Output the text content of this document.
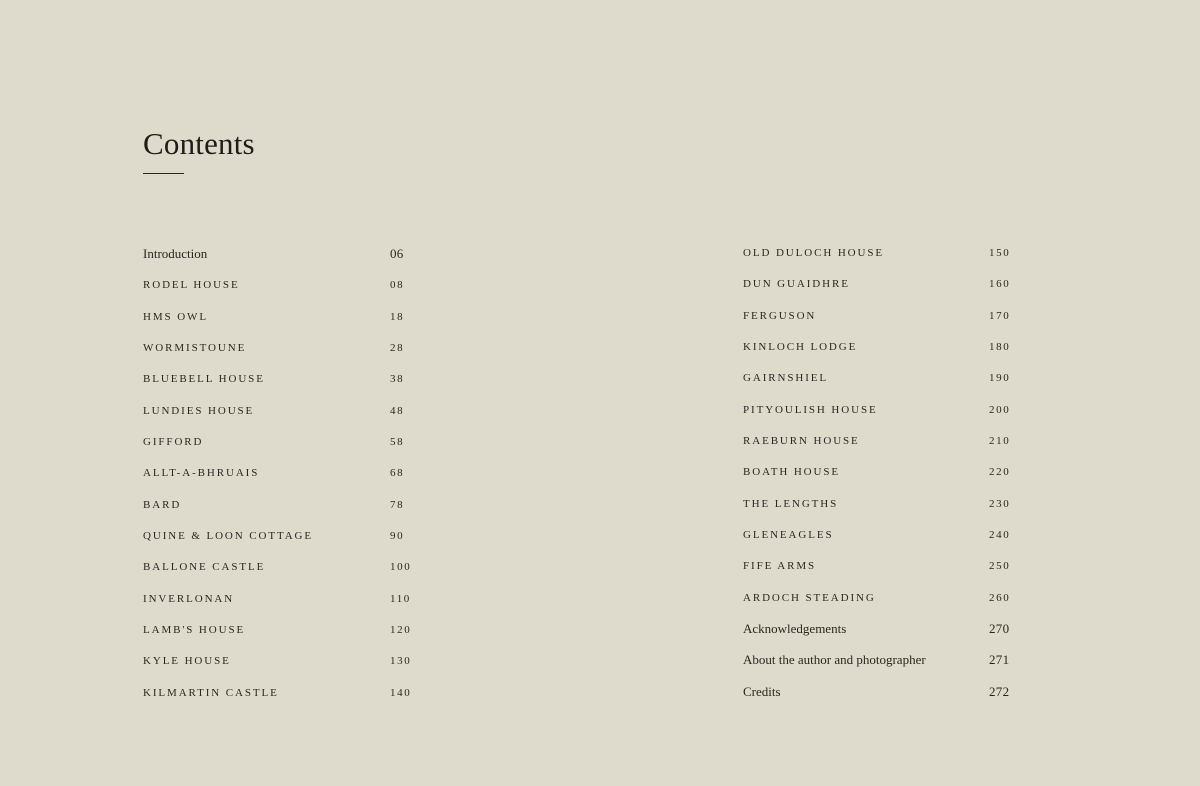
Contents
Introduction	06
RODEL HOUSE	08
HMS OWL	18
WORMISTOUNE	28
BLUEBELL HOUSE	38
LUNDIES HOUSE	48
GIFFORD	58
ALLT-A-BHRUAIS	68
BARD	78
QUINE & LOON COTTAGE	90
BALLONE CASTLE	100
INVERLONAN	110
LAMB'S HOUSE	120
KYLE HOUSE	130
KILMARTIN CASTLE	140
OLD DULOCH HOUSE	150
DUN GUAIDHRE	160
FERGUSON	170
KINLOCH LODGE	180
GAIRNSHIEL	190
PITYOULISH HOUSE	200
RAEBURN HOUSE	210
BOATH HOUSE	220
THE LENGTHS	230
GLENEAGLES	240
FIFE ARMS	250
ARDOCH STEADING	260
Acknowledgements	270
About the author and photographer	271
Credits	272
